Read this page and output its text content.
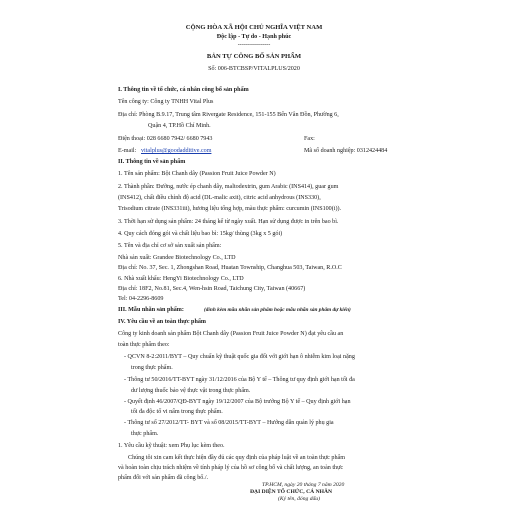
CỘNG HÒA XÃ HỘI CHỦ NGHĨA VIỆT NAM

Độc lập - Tự do - Hạnh phúc

----------------

BẢN TỰ CÔNG BỐ SẢN PHẨM

Số: 006-BTCBSP/VITALPLUS/2020

I. Thông tin về tổ chức, cá nhân công bố sản phẩm

Tên công ty: Công ty TNHH Vital Plus

Địa chỉ: Phòng B.9.17, Trung tâm Rivergate Residence, 151-155 Bến Vân Đồn, Phường 6,

Quận 4, TP.Hồ Chí Minh.

Điện thoại: 028 6680 7942/ 6680 7943	Fax:

E-mail: vitalplus@goodadditive.com	Mã số doanh nghiệp: 0312424484

II. Thông tin về sản phẩm

1. Tên sản phẩm: Bột Chanh dây (Passion Fruit Juice Powder N)

2. Thành phần: Đường, nước ép chanh dây, maltodextrin, gum Arabic (INS414), guar gum

(INS412), chất điều chỉnh độ acid (DL-malic axit), citric acid anhydrous (INS330),

Trisodium citrate (INS331iii), hương liệu tổng hợp, màu thực phẩm: curcumin (INS100(i)).

3. Thời hạn sử dụng sản phẩm: 24 tháng kể từ ngày xuất. Hạn sử dụng được in trên bao bì.

4. Quy cách đóng gói và chất liệu bao bì: 15kg/ thùng (3kg x 5 gói)

5. Tên và địa chỉ cơ sở sản xuất sản phẩm:

Nhà sản xuất: Grandee Biotechnology Co., LTD

Địa chỉ: No. 37, Sec. 1, Zhongshan Road, Huatan Township, Changhua 503, Taiwan, R.O.C

6. Nhà xuất khẩu: HengYi Biotechnology Co., LTD

Địa chỉ: 18F2, No.81, Sec.4, Wen-hsin Road, Taichung City, Taiwan (40667)

Tel: 04-2296-8609

III. Mẫu nhãn sản phẩm:	(đính kèm mẫu nhãn sản phẩm hoặc mẫu nhãn sản phẩm dự kiến)

IV. Yêu cầu về an toàn thực phẩm

Công ty kinh doanh sản phẩm Bột Chanh dây (Passion Fruit Juice Powder N) đạt yêu cầu an

toàn thực phẩm theo:

- QCVN 8-2:2011/BYT – Quy chuẩn kỹ thuật quốc gia đối với giới hạn ô nhiễm kim loại nặng

trong thực phẩm.

- Thông tư 50/2016/TT-BYT ngày 31/12/2016 của Bộ Y tế – Thông tư quy định giới hạn tối đa

dư lượng thuốc bảo vệ thực vật trong thực phẩm.

- Quyết định 46/2007/QĐ-BYT ngày 19/12/2007 của Bộ trưởng Bộ Y tế – Quy định giới hạn

tối đa độc tố vi nấm trong thực phẩm.

- Thông tư số 27/2012/TT- BYT và số 08/2015/TT-BYT – Hướng dẫn quản lý phụ gia

thực phẩm.

1. Yêu cầu kỹ thuật: xem Phụ lục kèm theo.

Chúng tôi xin cam kết thực hiện đầy đủ các quy định của pháp luật về an toàn thực phẩm

và hoàn toàn chịu trách nhiệm về tính pháp lý của hồ sơ công bố và chất lượng, an toàn thực

phẩm đối với sản phẩm đã công bố./.

TP.HCM, ngày 20 tháng 7 năm 2020

ĐẠI DIỆN TỔ CHỨC, CÁ NHÂN

(Ký tên, đóng dấu)
